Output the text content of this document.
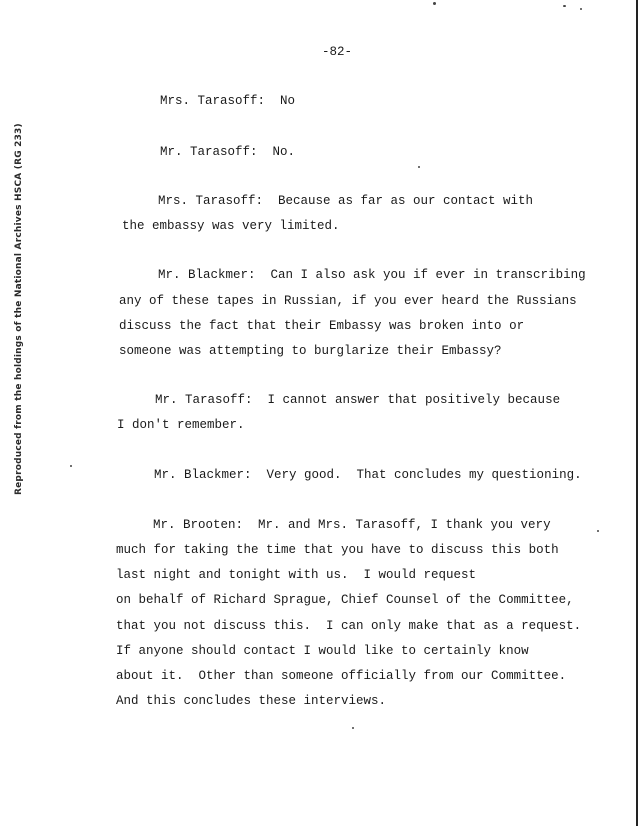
Reproduced from the holdings of the National Archives HSCA (RG 233)
-82-
Mrs. Tarasoff:  No
Mr. Tarasoff:  No.
Mrs. Tarasoff:  Because as far as our contact with
the embassy was very limited.
Mr. Blackmer:  Can I also ask you if ever in transcribing
any of these tapes in Russian, if you ever heard the Russians
discuss the fact that their Embassy was broken into or
someone was attempting to burglarize their Embassy?
Mr. Tarasoff:  I cannot answer that positively because
I don't remember.
Mr. Blackmer:  Very good.  That concludes my questioning.
Mr. Brooten:  Mr. and Mrs. Tarasoff, I thank you very
much for taking the time that you have to discuss this both
last night and tonight with us.  I would request
on behalf of Richard Sprague, Chief Counsel of the Committee,
that you not discuss this.  I can only make that as a request.
If anyone should contact I would like to certainly know
about it.  Other than someone officially from our Committee.
And this concludes these interviews.
